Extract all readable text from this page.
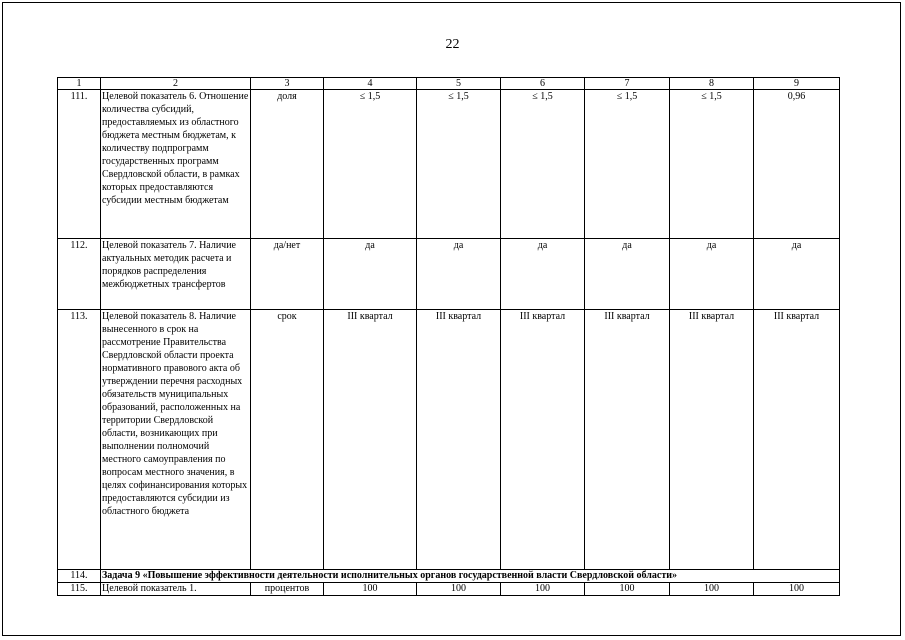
22
1	2	3	4	5	6	7	8	9
111.	Целевой показатель 6. Отношение количества субсидий, предоставляемых из областного бюджета местным бюджетам, к количеству подпрограмм государственных программ Свердловской области, в рамках которых предоставляются субсидии местным бюджетам	доля	≤ 1,5	≤ 1,5	≤ 1,5	≤ 1,5	≤ 1,5	0,96
112.	Целевой показатель 7. Наличие актуальных методик расчета и порядков распределения межбюджетных трансфертов	да/нет	да	да	да	да	да	да
113.	Целевой показатель 8. Наличие вынесенного в срок на рассмотрение Правительства Свердловской области проекта нормативного правового акта об утверждении перечня расходных обязательств муниципальных образований, расположенных на территории Свердловской области, возникающих при выполнении полномочий местного самоуправления по вопросам местного значения, в целях софинансирования которых предоставляются субсидии из областного бюджета	срок	III квартал	III квартал	III квартал	III квартал	III квартал	III квартал
114.	Задача 9 «Повышение эффективности деятельности исполнительных органов государственной власти Свердловской области»							
115.	Целевой показатель 1.	процентов	100	100	100	100	100	100
